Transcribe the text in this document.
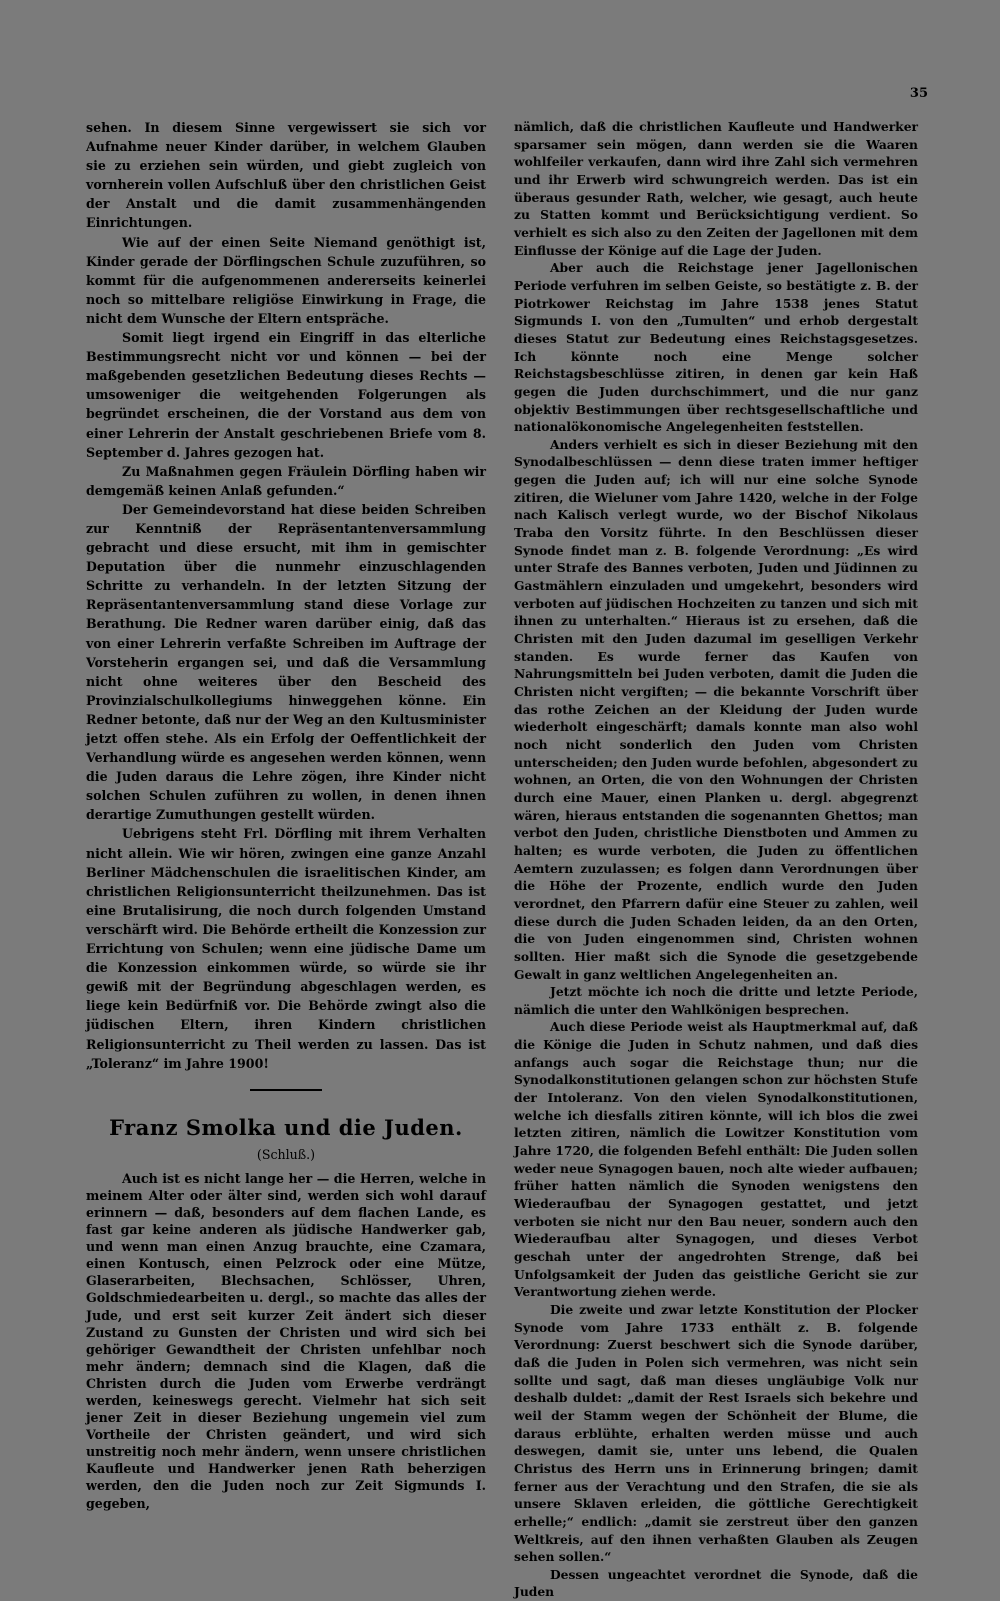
35

sehen. In diesem Sinne vergewissert sie sich vor Aufnahme neuer Kinder darüber, in welchem Glauben sie zu erziehen sein würden, und giebt zugleich von vornherein vollen Aufschluß über den christlichen Geist der Anstalt und die damit zusammenhängenden Einrichtungen.

Wie auf der einen Seite Niemand genöthigt ist, Kinder gerade der Dörflingschen Schule zuzuführen, so kommt für die aufgenommenen andererseits keinerlei noch so mittelbare religiöse Einwirkung in Frage, die nicht dem Wunsche der Eltern entspräche.

Somit liegt irgend ein Eingriff in das elterliche Bestimmungsrecht nicht vor und können — bei der maßgebenden gesetzlichen Bedeutung dieses Rechts — umsoweniger die weitgehenden Folgerungen als begründet erscheinen, die der Vorstand aus dem von einer Lehrerin der Anstalt geschriebenen Briefe vom 8. September d. Jahres gezogen hat.

Zu Maßnahmen gegen Fräulein Dörfling haben wir demgemäß keinen Anlaß gefunden.“

Der Gemeindevorstand hat diese beiden Schreiben zur Kenntniß der Repräsentantenversammlung gebracht und diese ersucht, mit ihm in gemischter Deputation über die nunmehr einzuschlagenden Schritte zu verhandeln. In der letzten Sitzung der Repräsentantenversammlung stand diese Vorlage zur Berathung. Die Redner waren darüber einig, daß das von einer Lehrerin verfaßte Schreiben im Auftrage der Vorsteherin ergangen sei, und daß die Versammlung nicht ohne weiteres über den Bescheid des Provinzialschulkollegiums hinweggehen könne. Ein Redner betonte, daß nur der Weg an den Kultusminister jetzt offen stehe. Als ein Erfolg der Oeffentlichkeit der Verhandlung würde es angesehen werden können, wenn die Juden daraus die Lehre zögen, ihre Kinder nicht solchen Schulen zuführen zu wollen, in denen ihnen derartige Zumuthungen gestellt würden.

Uebrigens steht Frl. Dörfling mit ihrem Verhalten nicht allein. Wie wir hören, zwingen eine ganze Anzahl Berliner Mädchenschulen die israelitischen Kinder, am christlichen Religionsunterricht theilzunehmen. Das ist eine Brutalisirung, die noch durch folgenden Umstand verschärft wird. Die Behörde ertheilt die Konzession zur Errichtung von Schulen; wenn eine jüdische Dame um die Konzession einkommen würde, so würde sie ihr gewiß mit der Begründung abgeschlagen werden, es liege kein Bedürfniß vor. Die Behörde zwingt also die jüdischen Eltern, ihren Kindern christlichen Religionsunterricht zu Theil werden zu lassen. Das ist „Toleranz“ im Jahre 1900!

Franz Smolka und die Juden.
(Schluß.)

Auch ist es nicht lange her — die Herren, welche in meinem Alter oder älter sind, werden sich wohl darauf erinnern — daß, besonders auf dem flachen Lande, es fast gar keine anderen als jüdische Handwerker gab, und wenn man einen Anzug brauchte, eine Czamara, einen Kontusch, einen Pelzrock oder eine Mütze, Glaserarbeiten, Blechsachen, Schlösser, Uhren, Goldschmiedearbeiten u. dergl., so machte das alles der Jude, und erst seit kurzer Zeit ändert sich dieser Zustand zu Gunsten der Christen und wird sich bei gehöriger Gewandtheit der Christen unfehlbar noch mehr ändern; demnach sind die Klagen, daß die Christen durch die Juden vom Erwerbe verdrängt werden, keineswegs gerecht. Vielmehr hat sich seit jener Zeit in dieser Beziehung ungemein viel zum Vortheile der Christen geändert, und wird sich unstreitig noch mehr ändern, wenn unsere christlichen Kaufleute und Handwerker jenen Rath beherzigen werden, den die Juden noch zur Zeit Sigmunds I. gegeben,

nämlich, daß die christlichen Kaufleute und Handwerker sparsamer sein mögen, dann werden sie die Waaren wohlfeiler verkaufen, dann wird ihre Zahl sich vermehren und ihr Erwerb wird schwungreich werden. Das ist ein überaus gesunder Rath, welcher, wie gesagt, auch heute zu Statten kommt und Berücksichtigung verdient. So verhielt es sich also zu den Zeiten der Jagellonen mit dem Einflusse der Könige auf die Lage der Juden.

Aber auch die Reichstage jener Jagellonischen Periode verfuhren im selben Geiste, so bestätigte z. B. der Piotrkower Reichstag im Jahre 1538 jenes Statut Sigmunds I. von den „Tumulten“ und erhob dergestalt dieses Statut zur Bedeutung eines Reichstagsgesetzes. Ich könnte noch eine Menge solcher Reichstagsbeschlüsse zitiren, in denen gar kein Haß gegen die Juden durchschimmert, und die nur ganz objektiv Bestimmungen über rechtsgesellschaftliche und nationalökonomische Angelegenheiten feststellen.

Anders verhielt es sich in dieser Beziehung mit den Synodalbeschlüssen — denn diese traten immer heftiger gegen die Juden auf; ich will nur eine solche Synode zitiren, die Wieluner vom Jahre 1420, welche in der Folge nach Kalisch verlegt wurde, wo der Bischof Nikolaus Traba den Vorsitz führte. In den Beschlüssen dieser Synode findet man z. B. folgende Verordnung: „Es wird unter Strafe des Bannes verboten, Juden und Jüdinnen zu Gastmählern einzuladen und umgekehrt, besonders wird verboten auf jüdischen Hochzeiten zu tanzen und sich mit ihnen zu unterhalten.“ Hieraus ist zu ersehen, daß die Christen mit den Juden dazumal im geselligen Verkehr standen. Es wurde ferner das Kaufen von Nahrungsmitteln bei Juden verboten, damit die Juden die Christen nicht vergiften; — die bekannte Vorschrift über das rothe Zeichen an der Kleidung der Juden wurde wiederholt eingeschärft; damals konnte man also wohl noch nicht sonderlich den Juden vom Christen unterscheiden; den Juden wurde befohlen, abgesondert zu wohnen, an Orten, die von den Wohnungen der Christen durch eine Mauer, einen Planken u. dergl. abgegrenzt wären, hieraus entstanden die sogenannten Ghettos; man verbot den Juden, christliche Dienstboten und Ammen zu halten; es wurde verboten, die Juden zu öffentlichen Aemtern zuzulassen; es folgen dann Verordnungen über die Höhe der Prozente, endlich wurde den Juden verordnet, den Pfarrern dafür eine Steuer zu zahlen, weil diese durch die Juden Schaden leiden, da an den Orten, die von Juden eingenommen sind, Christen wohnen sollten. Hier maßt sich die Synode die gesetzgebende Gewalt in ganz weltlichen Angelegenheiten an.

Jetzt möchte ich noch die dritte und letzte Periode, nämlich die unter den Wahlkönigen besprechen.

Auch diese Periode weist als Hauptmerkmal auf, daß die Könige die Juden in Schutz nahmen, und daß dies anfangs auch sogar die Reichstage thun; nur die Synodalkonstitutionen gelangen schon zur höchsten Stufe der Intoleranz. Von den vielen Synodalkonstitutionen, welche ich diesfalls zitiren könnte, will ich blos die zwei letzten zitiren, nämlich die Lowitzer Konstitution vom Jahre 1720, die folgenden Befehl enthält: Die Juden sollen weder neue Synagogen bauen, noch alte wieder aufbauen; früher hatten nämlich die Synoden wenigstens den Wiederaufbau der Synagogen gestattet, und jetzt verboten sie nicht nur den Bau neuer, sondern auch den Wiederaufbau alter Synagogen, und dieses Verbot geschah unter der angedrohten Strenge, daß bei Unfolgsamkeit der Juden das geistliche Gericht sie zur Verantwortung ziehen werde.

Die zweite und zwar letzte Konstitution der Plocker Synode vom Jahre 1733 enthält z. B. folgende Verordnung: Zuerst beschwert sich die Synode darüber, daß die Juden in Polen sich vermehren, was nicht sein sollte und sagt, daß man dieses ungläubige Volk nur deshalb duldet: „damit der Rest Israels sich bekehre und weil der Stamm wegen der Schönheit der Blume, die daraus erblühte, erhalten werden müsse und auch deswegen, damit sie, unter uns lebend, die Qualen Christus des Herrn uns in Erinnerung bringen; damit ferner aus der Verachtung und den Strafen, die sie als unsere Sklaven erleiden, die göttliche Gerechtigkeit erhelle;“ endlich: „damit sie zerstreut über den ganzen Weltkreis, auf den ihnen verhaßten Glauben als Zeugen sehen sollen.“

Dessen ungeachtet verordnet die Synode, daß die Juden
